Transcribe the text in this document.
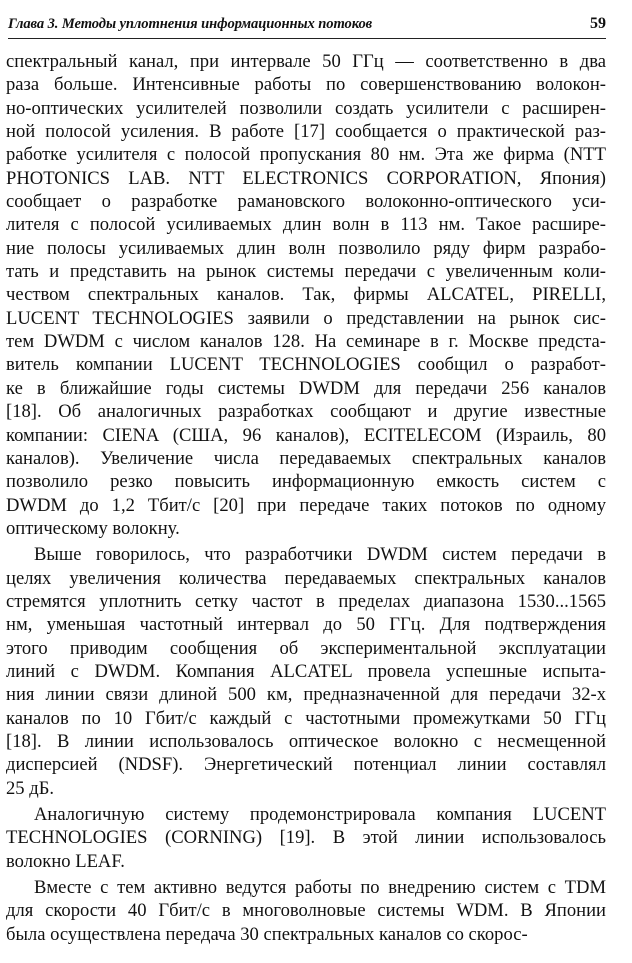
Глава 3. Методы уплотнения информационных потоков	59
спектральный канал, при интервале 50 ГГц — соответственно в два
раза больше. Интенсивные работы по совершенствованию волокон-
но-оптических усилителей позволили создать усилители с расширен-
ной полосой усиления. В работе [17] сообщается о практической раз-
работке усилителя с полосой пропускания 80 нм. Эта же фирма (NTT
PHOTONICS LAB. NTT ELECTRONICS CORPORATION, Япония)
сообщает о разработке рамановского волоконно-оптического уси-
лителя с полосой усиливаемых длин волн в 113 нм. Такое расшире-
ние полосы усиливаемых длин волн позволило ряду фирм разрабо-
тать и представить на рынок системы передачи с увеличенным коли-
чеством спектральных каналов. Так, фирмы ALCATEL, PIRELLI,
LUCENT TECHNOLOGIES заявили о представлении на рынок сис-
тем DWDM с числом каналов 128. На семинаре в г. Москве предста-
витель компании LUCENT TECHNOLOGIES сообщил о разработ-
ке в ближайшие годы системы DWDM для передачи 256 каналов
[18]. Об аналогичных разработках сообщают и другие известные
компании: CIENA (США, 96 каналов), ECITELECOM (Израиль, 80
каналов). Увеличение числа передаваемых спектральных каналов
позволило резко повысить информационную емкость систем с
DWDM до 1,2 Тбит/с [20] при передаче таких потоков по одному
оптическому волокну.
Выше говорилось, что разработчики DWDM систем передачи в
целях увеличения количества передаваемых спектральных каналов
стремятся уплотнить сетку частот в пределах диапазона 1530...1565
нм, уменьшая частотный интервал до 50 ГГц. Для подтверждения
этого приводим сообщения об экспериментальной эксплуатации
линий с DWDM. Компания ALCATEL провела успешные испыта-
ния линии связи длиной 500 км, предназначенной для передачи 32-х
каналов по 10 Гбит/с каждый с частотными промежутками 50 ГГц
[18]. В линии использовалось оптическое волокно с несмещенной
дисперсией (NDSF). Энергетический потенциал линии составлял
25 дБ.
Аналогичную систему продемонстрировала компания LUCENT
TECHNOLOGIES (CORNING) [19]. В этой линии использовалось
волокно LEAF.
Вместе с тем активно ведутся работы по внедрению систем с TDM
для скорости 40 Гбит/с в многоволновые системы WDM. В Японии
была осуществлена передача 30 спектральных каналов со скорос-
